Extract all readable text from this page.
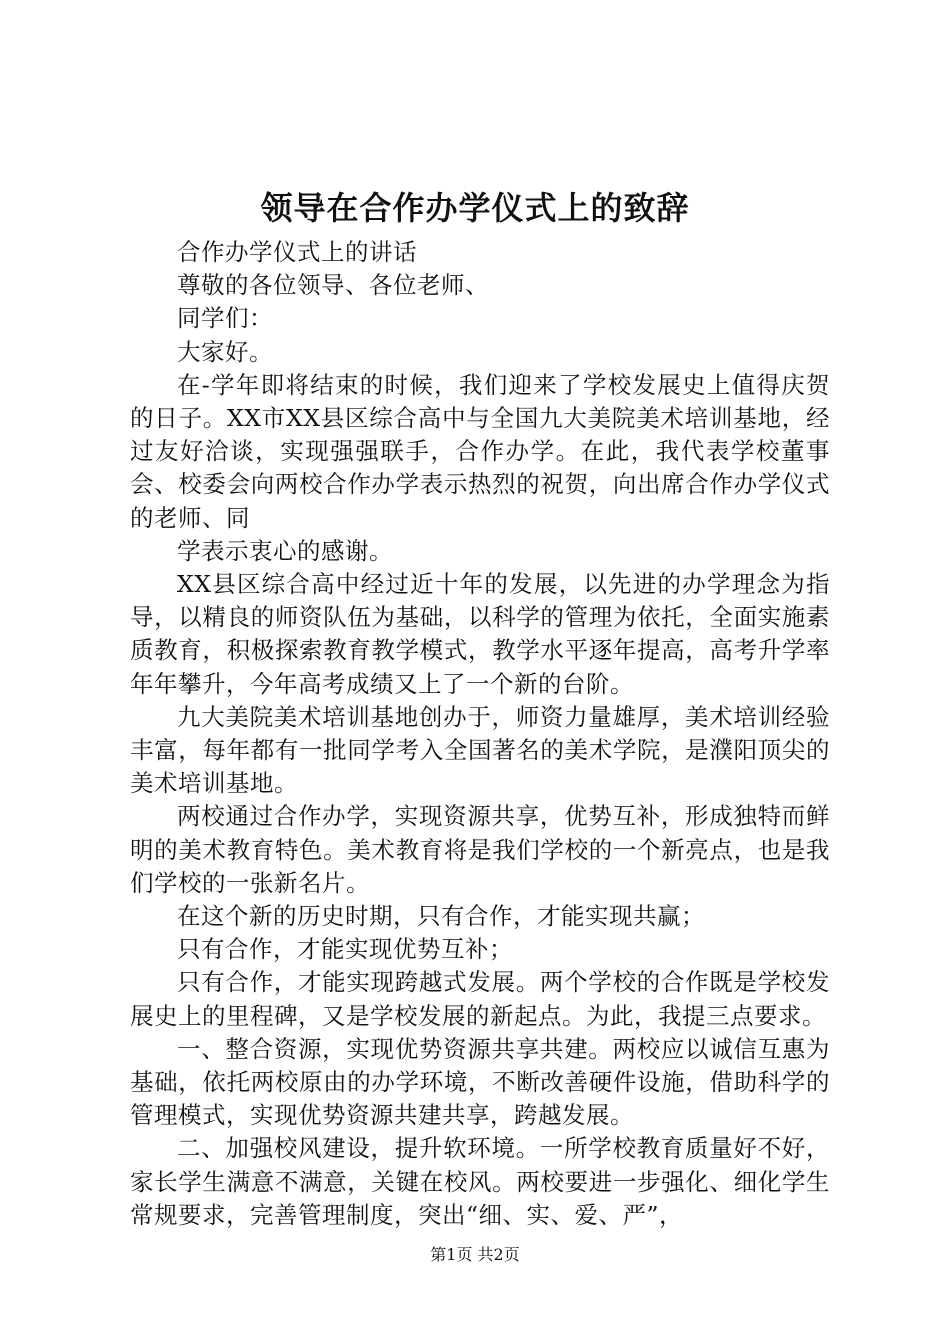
领导在合作办学仪式上的致辞

合作办学仪式上的讲话

尊敬的各位领导、各位老师、

同学们：

大家好。

在-学年即将结束的时候，我们迎来了学校发展史上值得庆贺的日子。XX市XX县区综合高中与全国九大美院美术培训基地，经过友好洽谈，实现强强联手，合作办学。在此，我代表学校董事会、校委会向两校合作办学表示热烈的祝贺，向出席合作办学仪式的老师、同

学表示衷心的感谢。

XX县区综合高中经过近十年的发展，以先进的办学理念为指导，以精良的师资队伍为基础，以科学的管理为依托，全面实施素质教育，积极探索教育教学模式，教学水平逐年提高，高考升学率年年攀升，今年高考成绩又上了一个新的台阶。

九大美院美术培训基地创办于，师资力量雄厚，美术培训经验丰富，每年都有一批同学考入全国著名的美术学院，是濮阳顶尖的美术培训基地。

两校通过合作办学，实现资源共享，优势互补，形成独特而鲜明的美术教育特色。美术教育将是我们学校的一个新亮点，也是我们学校的一张新名片。

在这个新的历史时期，只有合作，才能实现共赢；

只有合作，才能实现优势互补；

只有合作，才能实现跨越式发展。两个学校的合作既是学校发展史上的里程碑，又是学校发展的新起点。为此，我提三点要求。

一、整合资源，实现优势资源共享共建。两校应以诚信互惠为基础，依托两校原由的办学环境，不断改善硬件设施，借助科学的管理模式，实现优势资源共建共享，跨越发展。

二、加强校风建设，提升软环境。一所学校教育质量好不好，家长学生满意不满意，关键在校风。两校要进一步强化、细化学生常规要求，完善管理制度，突出“细、实、爱、严”，

第1页 共2页
